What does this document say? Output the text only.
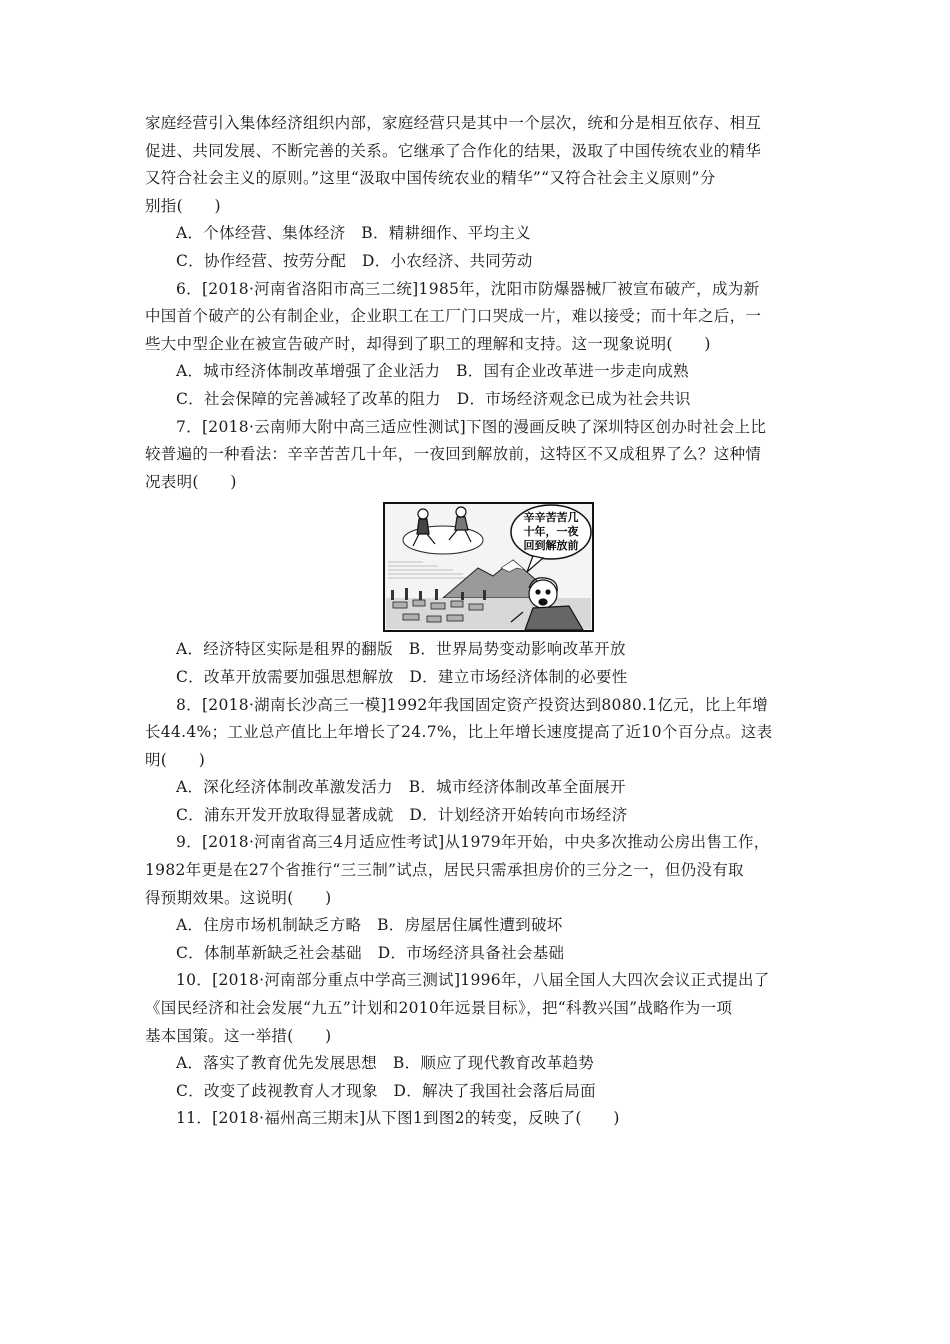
家庭经营引入集体经济组织内部，家庭经营只是其中一个层次，统和分是相互依存、相互
促进、共同发展、不断完善的关系。它继承了合作化的结果，汲取了中国传统农业的精华
又符合社会主义的原则。”这里“汲取中国传统农业的精华”“又符合社会主义原则”分
别指(　　)
A．个体经营、集体经济　B．精耕细作、平均主义
C．协作经营、按劳分配　D．小农经济、共同劳动
6．[2018·河南省洛阳市高三二统]1985年，沈阳市防爆器械厂被宣布破产，成为新
中国首个破产的公有制企业，企业职工在工厂门口哭成一片，难以接受；而十年之后，一
些大中型企业在被宣告破产时，却得到了职工的理解和支持。这一现象说明(　　)
A．城市经济体制改革增强了企业活力　B．国有企业改革进一步走向成熟
C．社会保障的完善减轻了改革的阻力　D．市场经济观念已成为社会共识
7．[2018·云南师大附中高三适应性测试]下图的漫画反映了深圳特区创办时社会上比
较普遍的一种看法：辛辛苦苦几十年，一夜回到解放前，这特区不又成租界了么？这种情
况表明(　　)
辛辛苦苦几
十年，一夜
回到解放前
A．经济特区实际是租界的翻版　B．世界局势变动影响改革开放
C．改革开放需要加强思想解放　D．建立市场经济体制的必要性
8．[2018·湖南长沙高三一模]1992年我国固定资产投资达到8080.1亿元，比上年增
长44.4%；工业总产值比上年增长了24.7%，比上年增长速度提高了近10个百分点。这表
明(　　)
A．深化经济体制改革激发活力　B．城市经济体制改革全面展开
C．浦东开发开放取得显著成就　D．计划经济开始转向市场经济
9．[2018·河南省高三4月适应性考试]从1979年开始，中央多次推动公房出售工作，
1982年更是在27个省推行“三三制”试点，居民只需承担房价的三分之一，但仍没有取
得预期效果。这说明(　　)
A．住房市场机制缺乏方略　B．房屋居住属性遭到破坏
C．体制革新缺乏社会基础　D．市场经济具备社会基础
10．[2018·河南部分重点中学高三测试]1996年，八届全国人大四次会议正式提出了
《国民经济和社会发展“九五”计划和2010年远景目标》，把“科教兴国”战略作为一项
基本国策。这一举措(　　)
A．落实了教育优先发展思想　B．顺应了现代教育改革趋势
C．改变了歧视教育人才现象　D．解决了我国社会落后局面
11．[2018·福州高三期末]从下图1到图2的转变，反映了(　　)
